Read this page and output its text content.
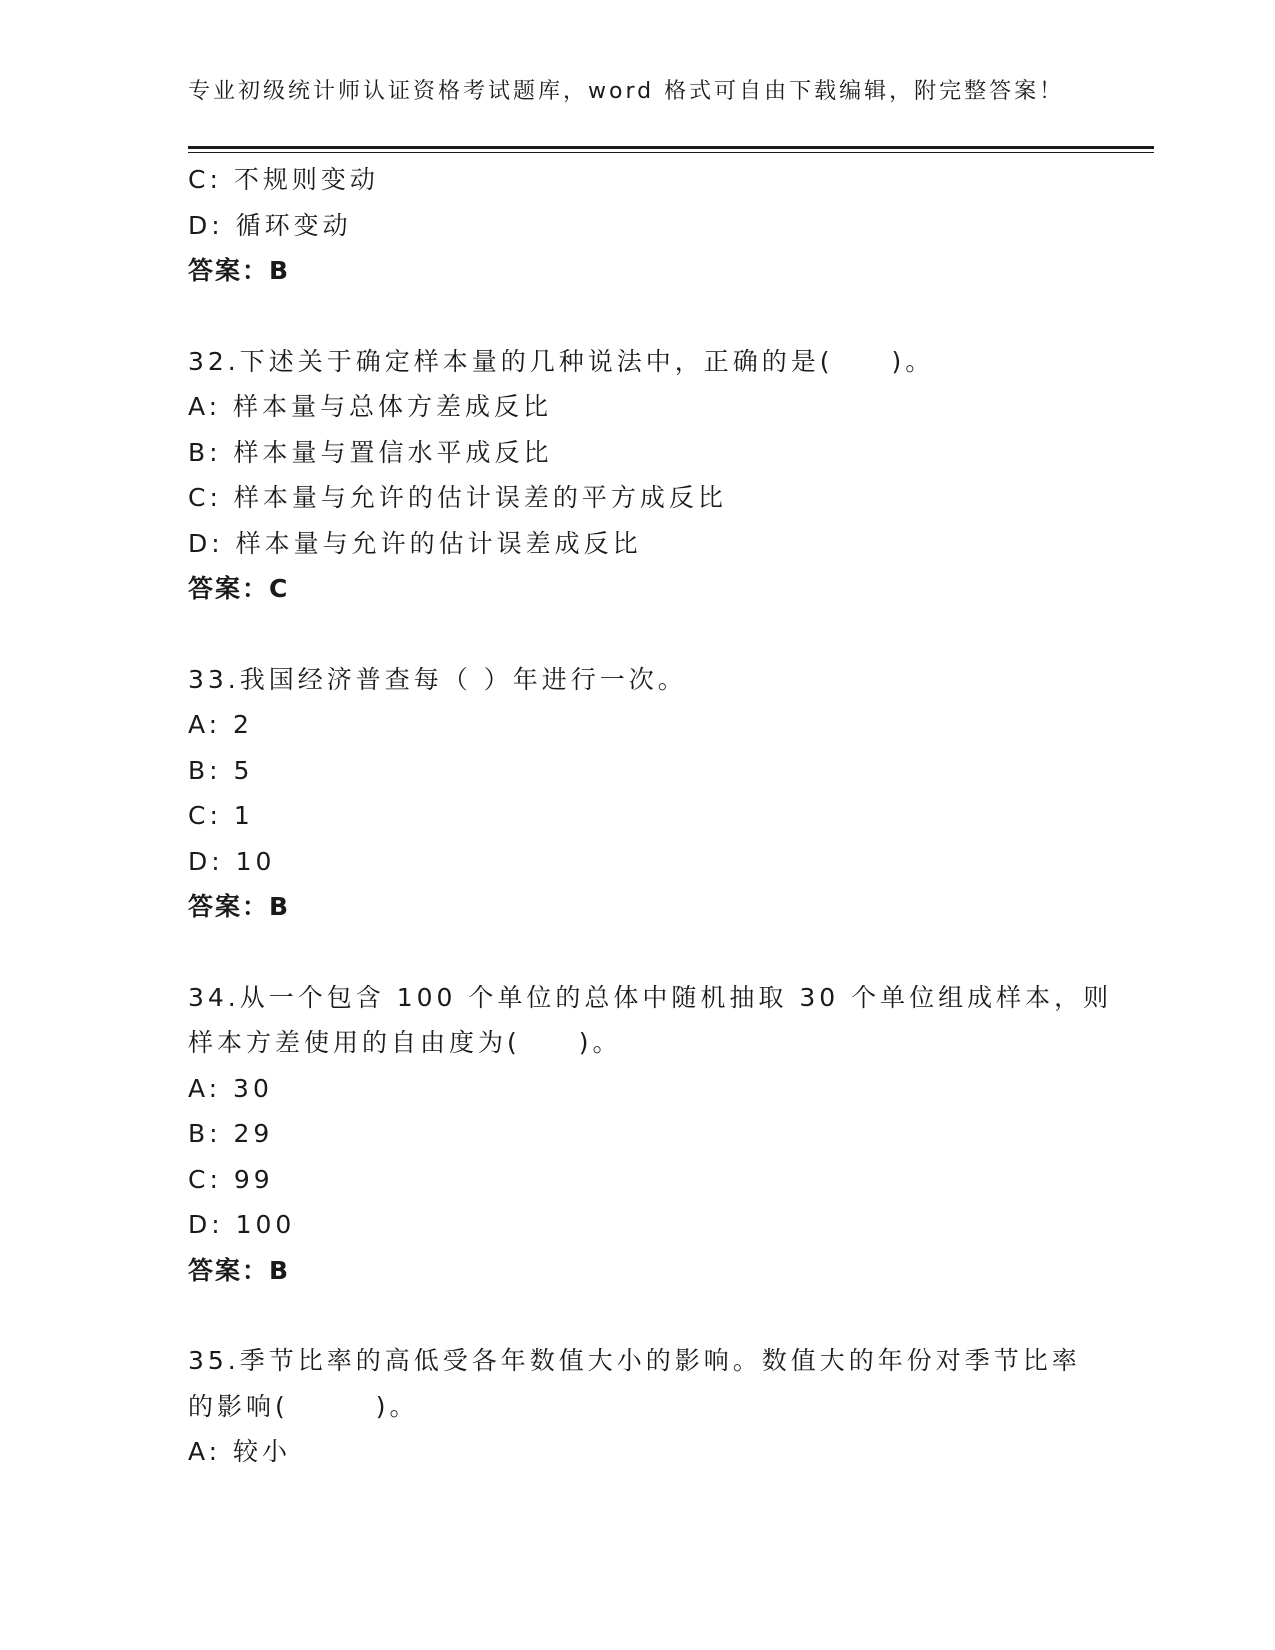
专业初级统计师认证资格考试题库，word 格式可自由下载编辑，附完整答案！
C: 不规则变动
D: 循环变动
答案：B
32.下述关于确定样本量的几种说法中，正确的是(　　)。
A: 样本量与总体方差成反比
B: 样本量与置信水平成反比
C: 样本量与允许的估计误差的平方成反比
D: 样本量与允许的估计误差成反比
答案：C
33.我国经济普查每（ ）年进行一次。
A: 2
B: 5
C: 1
D: 10
答案：B
34.从一个包含 100 个单位的总体中随机抽取 30 个单位组成样本，则
样本方差使用的自由度为(　　)。
A: 30
B: 29
C: 99
D: 100
答案：B
35.季节比率的高低受各年数值大小的影响。数值大的年份对季节比率
的影响(　　　)。
A: 较小
